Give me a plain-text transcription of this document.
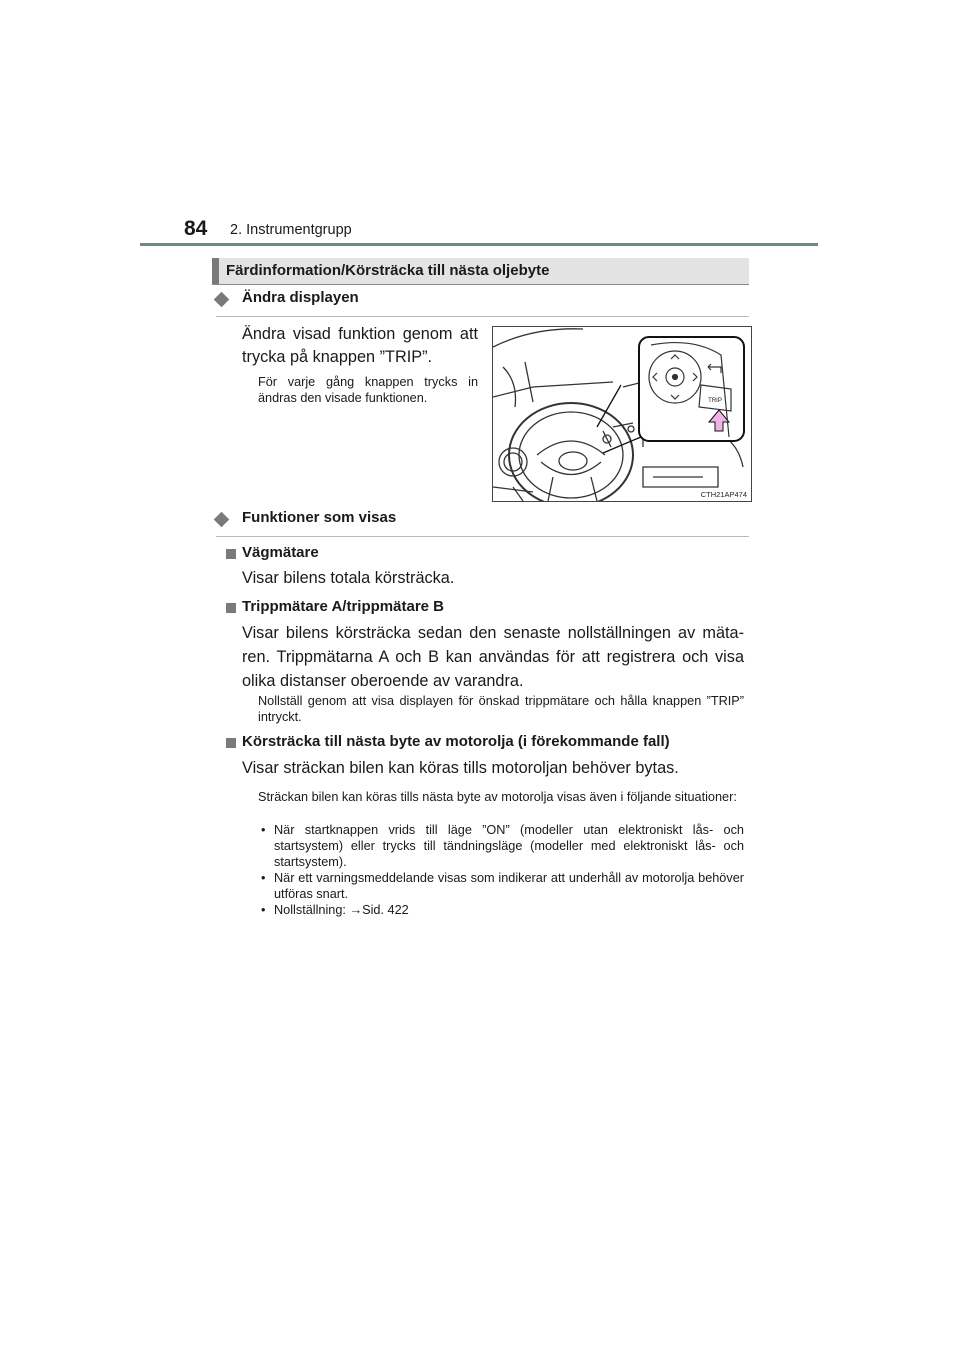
84 2. Instrumentgrupp
Färdinformation/Körsträcka till nästa oljebyte
Ändra displayen
Ändra visad funktion genom att trycka på knappen ”TRIP”.
För varje gång knappen trycks in ändras den visade funktionen.	TRIP
CTH21AP474
Funktioner som visas
Vägmätare
Visar bilens totala körsträcka.
Trippmätare A/trippmätare B
Visar bilens körsträcka sedan den senaste nollställningen av mätaren. Trippmätarna A och B kan användas för att registrera och visa olika distanser oberoende av varandra.
Nollställ genom att visa displayen för önskad trippmätare och hålla knappen ”TRIP” intryckt.
Körsträcka till nästa byte av motorolja (i förekommande fall)
Visar sträckan bilen kan köras tills motoroljan behöver bytas.
Sträckan bilen kan köras tills nästa byte av motorolja visas även i följande situationer:
• När startknappen vrids till läge ”ON” (modeller utan elektroniskt lås- och startsystem) eller trycks till tändningsläge (modeller med elektroniskt lås- och startsystem).
• När ett varningsmeddelande visas som indikerar att underhåll av motorolja behöver utföras snart.
• Nollställning: →Sid. 422
